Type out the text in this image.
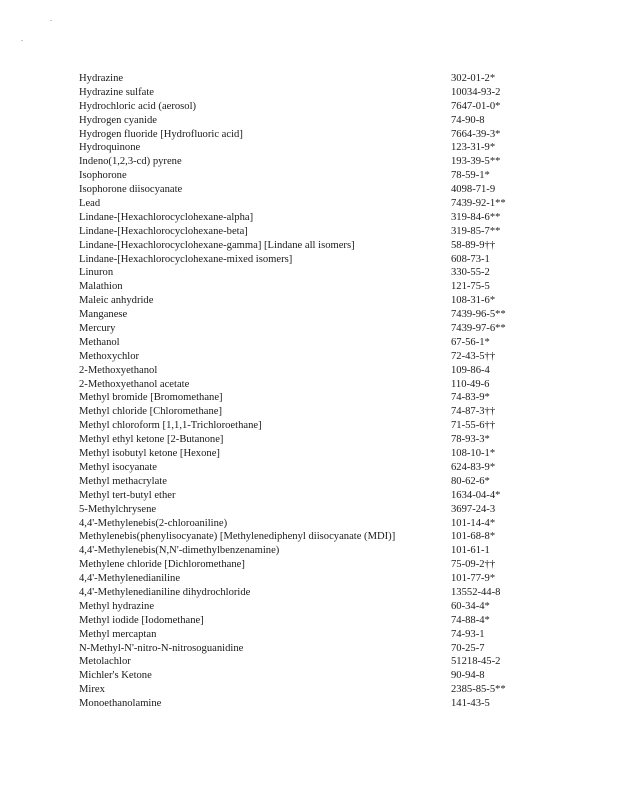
Hydrazine	302-01-2*
Hydrazine sulfate	10034-93-2
Hydrochloric acid (aerosol)	7647-01-0*
Hydrogen cyanide	74-90-8
Hydrogen fluoride [Hydrofluoric acid]	7664-39-3*
Hydroquinone	123-31-9*
Indeno(1,2,3-cd) pyrene	193-39-5**
Isophorone	78-59-1*
Isophorone diisocyanate	4098-71-9
Lead	7439-92-1**
Lindane-[Hexachlorocyclohexane-alpha]	319-84-6**
Lindane-[Hexachlorocyclohexane-beta]	319-85-7**
Lindane-[Hexachlorocyclohexane-gamma] [Lindane all isomers]	58-89-9††
Lindane-[Hexachlorocyclohexane-mixed isomers]	608-73-1
Linuron	330-55-2
Malathion	121-75-5
Maleic anhydride	108-31-6*
Manganese	7439-96-5**
Mercury	7439-97-6**
Methanol	67-56-1*
Methoxychlor	72-43-5††
2-Methoxyethanol	109-86-4
2-Methoxyethanol acetate	110-49-6
Methyl bromide [Bromomethane]	74-83-9*
Methyl chloride [Chloromethane]	74-87-3††
Methyl chloroform [1,1,1-Trichloroethane]	71-55-6††
Methyl ethyl ketone [2-Butanone]	78-93-3*
Methyl isobutyl ketone [Hexone]	108-10-1*
Methyl isocyanate	624-83-9*
Methyl methacrylate	80-62-6*
Methyl tert-butyl ether	1634-04-4*
5-Methylchrysene	3697-24-3
4,4'-Methylenebis(2-chloroaniline)	101-14-4*
Methylenebis(phenylisocyanate) [Methylenediphenyl diisocyanate (MDI)]	101-68-8*
4,4'-Methylenebis(N,N'-dimethylbenzenamine)	101-61-1
Methylene chloride [Dichloromethane]	75-09-2††
4,4'-Methylenedianiline	101-77-9*
4,4'-Methylenedianiline dihydrochloride	13552-44-8
Methyl hydrazine	60-34-4*
Methyl iodide [Iodomethane]	74-88-4*
Methyl mercaptan	74-93-1
N-Methyl-N'-nitro-N-nitrosoguanidine	70-25-7
Metolachlor	51218-45-2
Michler's Ketone	90-94-8
Mirex	2385-85-5**
Monoethanolamine	141-43-5
